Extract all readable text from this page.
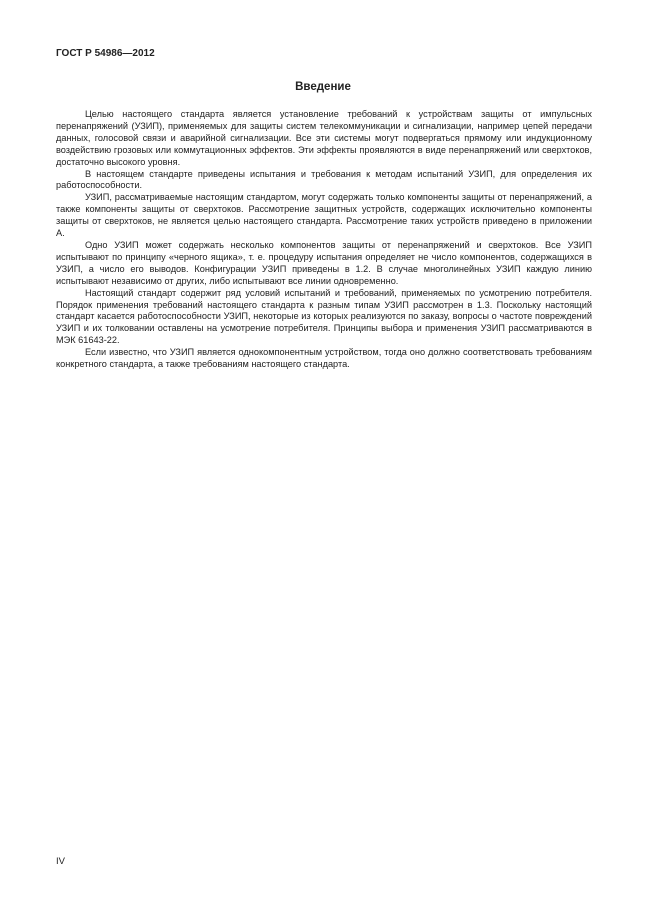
ГОСТ Р 54986—2012
Введение

Целью настоящего стандарта является установление требований к устройствам защиты от импульсных перенапряжений (УЗИП), применяемых для защиты систем телекоммуникации и сигнализации, например цепей передачи данных, голосовой связи и аварийной сигнализации. Все эти системы могут подвергаться прямому или индукционному воздействию грозовых или коммутационных эффектов. Эти эффекты проявляются в виде перенапряжений или сверхтоков, достаточно высокого уровня.

В настоящем стандарте приведены испытания и требования к методам испытаний УЗИП, для определения их работоспособности.

УЗИП, рассматриваемые настоящим стандартом, могут содержать только компоненты защиты от перенапряжений, а также компоненты защиты от сверхтоков. Рассмотрение защитных устройств, содержащих исключительно компоненты защиты от сверхтоков, не является целью настоящего стандарта. Рассмотрение таких устройств приведено в приложении А.

Одно УЗИП может содержать несколько компонентов защиты от перенапряжений и сверхтоков. Все УЗИП испытывают по принципу «черного ящика», т. е. процедуру испытания определяет не число компонентов, содержащихся в УЗИП, а число его выводов. Конфигурации УЗИП приведены в 1.2. В случае многолинейных УЗИП каждую линию испытывают независимо от других, либо испытывают все линии одновременно.

Настоящий стандарт содержит ряд условий испытаний и требований, применяемых по усмотрению потребителя. Порядок применения требований настоящего стандарта к разным типам УЗИП рассмотрен в 1.3. Поскольку настоящий стандарт касается работоспособности УЗИП, некоторые из которых реализуются по заказу, вопросы о частоте повреждений УЗИП и их толковании оставлены на усмотрение потребителя. Принципы выбора и применения УЗИП рассматриваются в МЭК 61643-22.

Если известно, что УЗИП является однокомпонентным устройством, тогда оно должно соответствовать требованиям конкретного стандарта, а также требованиям настоящего стандарта.

IV
